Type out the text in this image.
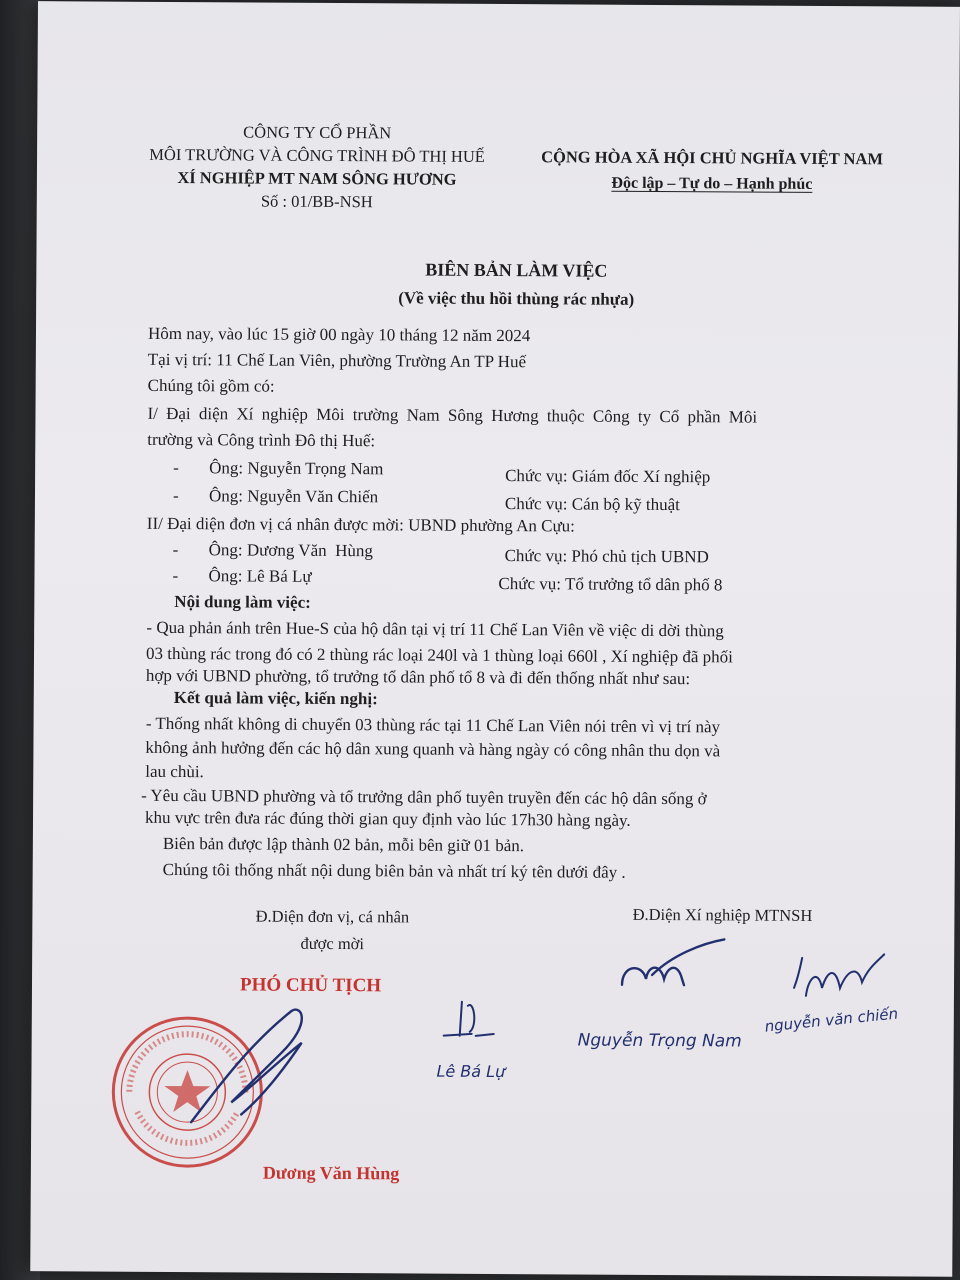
CÔNG TY CỔ PHẦN
MÔI TRƯỜNG VÀ CÔNG TRÌNH ĐÔ THỊ HUẾ
XÍ NGHIỆP MT NAM SÔNG HƯƠNG
Số : 01/BB-NSH
CỘNG HÒA XÃ HỘI CHỦ NGHĨA VIỆT NAM
Độc lập – Tự do – Hạnh phúc
BIÊN BẢN LÀM VIỆC
(Về việc thu hồi thùng rác nhựa)
Hôm nay, vào lúc 15 giờ 00 ngày 10 tháng 12 năm 2024
Tại vị trí: 11 Chế Lan Viên, phường Trường An TP Huế
Chúng tôi gồm có:
I/ Đại diện Xí nghiệp Môi trường Nam Sông Hương thuộc Công ty Cổ phần Môi
trường và Công trình Đô thị Huế:
- Ông: Nguyễn Trọng Nam	Chức vụ: Giám đốc Xí nghiệp
- Ông: Nguyễn Văn Chiến	Chức vụ: Cán bộ kỹ thuật
II/ Đại diện đơn vị cá nhân được mời: UBND phường An Cựu:
- Ông: Dương Văn  Hùng	Chức vụ: Phó chủ tịch UBND
- Ông: Lê Bá Lự	Chức vụ: Tổ trưởng tổ dân phố 8
Nội dung làm việc:
- Qua phản ánh trên Hue-S của hộ dân tại vị trí 11 Chế Lan Viên về việc di dời thùng
03 thùng rác trong đó có 2 thùng rác loại 240l và 1 thùng loại 660l , Xí nghiệp đã phối
hợp với UBND phường, tổ trưởng tổ dân phố tổ 8 và đi đến thống nhất như sau:
Kết quả làm việc, kiến nghị:
- Thống nhất không di chuyển 03 thùng rác tại 11 Chế Lan Viên nói trên vì vị trí này
không ảnh hưởng đến các hộ dân xung quanh và hàng ngày có công nhân thu dọn và
lau chùi.
- Yêu cầu UBND phường và tổ trưởng dân phố tuyên truyền đến các hộ dân sống ở
khu vực trên đưa rác đúng thời gian quy định vào lúc 17h30 hàng ngày.
Biên bản được lập thành 02 bản, mỗi bên giữ 01 bản.
Chúng tôi thống nhất nội dung biên bản và nhất trí ký tên dưới đây .
Đ.Diện đơn vị, cá nhân
được mời
Đ.Diện Xí nghiệp MTNSH
PHÓ CHỦ TỊCH
Dương Văn Hùng
Lê Bá Lự
Nguyễn Trọng Nam
nguyễn văn chiến
